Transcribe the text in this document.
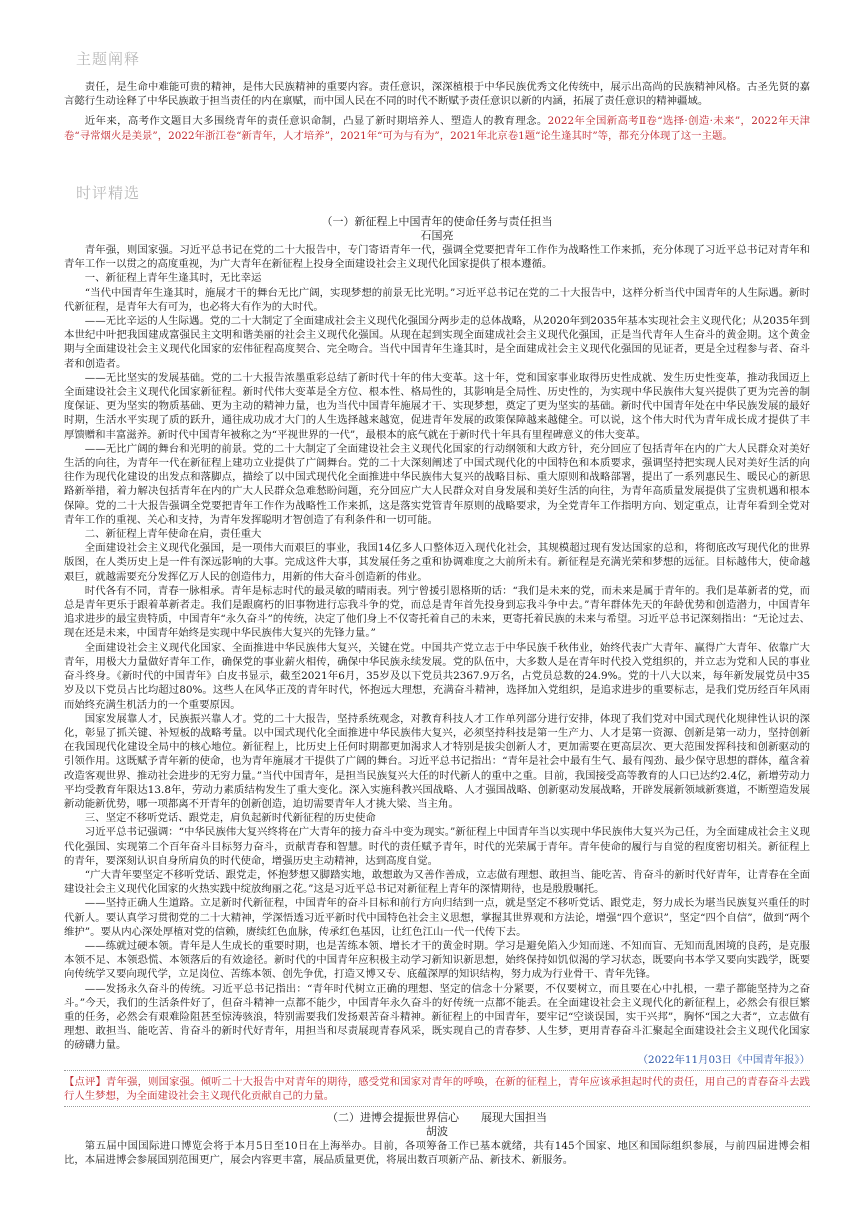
主题阐释

责任，是生命中难能可贵的精神，是伟大民族精神的重要内容。责任意识，深深植根于中华民族优秀文化传统中，展示出高尚的民族精神风格。古圣先贤的嘉言懿行生动诠释了中华民族敢于担当责任的内在禀赋，而中国人民在不同的时代不断赋予责任意识以新的内涵，拓展了责任意识的精神疆域。

近年来，高考作文题目大多围绕青年的责任意识命制，凸显了新时期培养人、塑造人的教育理念。2022年全国新高考Ⅱ卷“选择·创造·未来”，2022年天津卷“寻常烟火是美景”，2022年浙江卷“新青年，人才培养”，2021年“可为与有为”，2021年北京卷1题“论生逢其时”等，都充分体现了这一主题。

时评精选

（一）新征程上中国青年的使命任务与责任担当

石国亮

青年强，则国家强。习近平总书记在党的二十大报告中，专门寄语青年一代，强调全党要把青年工作作为战略性工作来抓，充分体现了习近平总书记对青年和青年工作一以贯之的高度重视，为广大青年在新征程上投身全面建设社会主义现代化国家提供了根本遵循。

一、新征程上青年生逢其时，无比幸运

“当代中国青年生逢其时，施展才干的舞台无比广阔，实现梦想的前景无比光明。”习近平总书记在党的二十大报告中，这样分析当代中国青年的人生际遇。新时代新征程，是青年大有可为，也必将大有作为的大时代。

——无比辛运的人生际遇。党的二十大制定了全面建成社会主义现代化强国分两步走的总体战略，从2020年到2035年基本实现社会主义现代化；从2035年到本世纪中叶把我国建成富强民主文明和谐美丽的社会主义现代化强国。从现在起到实现全面建成社会主义现代化强国，正是当代青年人生奋斗的黄金期。这个黄金期与全面建设社会主义现代化国家的宏伟征程高度契合、完全吻合。当代中国青年生逢其时，是全面建成社会主义现代化强国的见证者，更是全过程参与者、奋斗者和创造者。

——无比坚实的发展基础。党的二十大报告浓墨重彩总结了新时代十年的伟大变革。这十年，党和国家事业取得历史性成就、发生历史性变革，推动我国迈上全面建设社会主义现代化国家新征程。新时代伟大变革是全方位、根本性、格局性的，其影响是全局性、历史性的，为实现中华民族伟大复兴提供了更为完善的制度保证、更为坚实的物质基础、更为主动的精神力量，也为当代中国青年施展才干、实现梦想，奠定了更为坚实的基础。新时代中国青年处在中华民族发展的最好时期，生活水平实现了质的跃升，通往成功成才大门的人生选择越来越宽，促进青年发展的政策保障越来越健全。可以说，这个伟大时代为青年成长成才提供了丰厚馈赠和丰富滋养。新时代中国青年被称之为“平视世界的一代”，最根本的底气就在于新时代十年具有里程碑意义的伟大变革。

——无比广阔的舞台和光明的前景。党的二十大制定了全面建设社会主义现代化国家的行动纲领和大政方针，充分回应了包括青年在内的广大人民群众对美好生活的向往，为青年一代在新征程上建功立业提供了广阔舞台。党的二十大深刻阐述了中国式现代化的中国特色和本质要求，强调坚持把实现人民对美好生活的向往作为现代化建设的出发点和落脚点，描绘了以中国式现代化全面推进中华民族伟大复兴的战略目标、重大原则和战略部署，提出了一系列惠民生、暖民心的新思路新举措，着力解决包括青年在内的广大人民群众急难愁盼问题，充分回应广大人民群众对自身发展和美好生活的向往，为青年高质量发展提供了宝贵机遇和根本保障。党的二十大报告强调全党要把青年工作作为战略性工作来抓，这是落实党管青年原则的战略要求，为全党青年工作指明方向、划定重点，让青年看到全党对青年工作的重视、关心和支持，为青年发挥聪明才智创造了有利条件和一切可能。

二、新征程上青年使命在肩，责任重大

全面建设社会主义现代化强国，是一项伟大而艰巨的事业，我国14亿多人口整体迈入现代化社会，其规模超过现有发达国家的总和，将彻底改写现代化的世界版图，在人类历史上是一件有深远影响的大事。完成这件大事，其发展任务之重和协调难度之大前所未有。新征程是充满光荣和梦想的远征。目标越伟大，使命越艰巨，就越需要充分发挥亿万人民的创造伟力，用新的伟大奋斗创造新的伟业。

时代各有不同，青春一脉相承。青年是标志时代的最灵敏的晴雨表。列宁曾援引恩格斯的话：“我们是未来的党，而未来是属于青年的。我们是革新者的党，而总是青年更乐于跟着革新者走。我们是跟腐朽的旧事物进行忘我斗争的党，而总是青年首先投身到忘我斗争中去。”青年群体先天的年龄优势和创造潜力，中国青年追求进步的最宝贵特质，中国青年“永久奋斗”的传统，决定了他们身上不仅寄托着自己的未来，更寄托着民族的未来与希望。习近平总书记深刻指出：“无论过去、现在还是未来，中国青年始终是实现中华民族伟大复兴的先锋力量。”

全面建设社会主义现代化国家、全面推进中华民族伟大复兴，关键在党。中国共产党立志于中华民族千秋伟业，始终代表广大青年、赢得广大青年、依靠广大青年，用极大力量做好青年工作，确保党的事业薪火相传，确保中华民族永续发展。党的队伍中，大多数人是在青年时代投入党组织的，并立志为党和人民的事业奋斗终身。《新时代的中国青年》白皮书显示，截至2021年6月，35岁及以下党员共2367.9万名，占党员总数的24.9%。党的十八大以来，每年新发展党员中35岁及以下党员占比均超过80%。这些人在风华正茂的青年时代，怀抱远大理想，充满奋斗精神，选择加入党组织，是追求进步的重要标志，是我们党历经百年风雨而始终充满生机活力的一个重要原因。

国家发展靠人才，民族振兴靠人才。党的二十大报告，坚持系统观念，对教育科技人才工作单列部分进行安排，体现了我们党对中国式现代化规律性认识的深化，彰显了抓关键、补短板的战略考量。以中国式现代化全面推进中华民族伟大复兴，必须坚持科技是第一生产力、人才是第一资源、创新是第一动力，坚持创新在我国现代化建设全局中的核心地位。新征程上，比历史上任何时期都更加渴求人才特别是拔尖创新人才，更加需要在更高层次、更大范围发挥科技和创新驱动的引领作用。这既赋予青年新的使命，也为青年施展才干提供了广阔的舞台。习近平总书记指出：“青年是社会中最有生气、最有闯劲、最少保守思想的群体，蕴含着改造客观世界、推动社会进步的无穷力量。”当代中国青年，是担当民族复兴大任的时代新人的重中之重。目前，我国接受高等教育的人口已达约2.4亿，新增劳动力平均受教育年限达13.8年，劳动力素质结构发生了重大变化。深入实施科教兴国战略、人才强国战略、创新驱动发展战略，开辟发展新领域新赛道，不断塑造发展新动能新优势，哪一项都离不开青年的创新创造，迫切需要青年人才挑大梁、当主角。

三、坚定不移听党话、跟党走，肩负起新时代新征程的历史使命

习近平总书记强调：“中华民族伟大复兴终将在广大青年的接力奋斗中变为现实。”新征程上中国青年当以实现中华民族伟大复兴为己任，为全面建成社会主义现代化强国、实现第二个百年奋斗目标努力奋斗，贡献青春和智慧。时代的责任赋予青年，时代的光荣属于青年。青年使命的履行与自觉的程度密切相关。新征程上的青年，要深刻认识自身所肩负的时代使命，增强历史主动精神，达到高度自觉。

“广大青年要坚定不移听党话、跟党走，怀抱梦想又脚踏实地，敢想敢为又善作善成，立志做有理想、敢担当、能吃苦、肯奋斗的新时代好青年，让青春在全面建设社会主义现代化国家的火热实践中绽放绚丽之花。”这是习近平总书记对新征程上青年的深情期待，也是殷殷嘱托。

——坚持正确人生道路。立足新时代新征程，中国青年的奋斗目标和前行方向归结到一点，就是坚定不移听党话、跟党走，努力成长为堪当民族复兴重任的时代新人。要认真学习贯彻党的二十大精神，学深悟透习近平新时代中国特色社会主义思想，掌握其世界观和方法论，增强“四个意识”，坚定“四个自信”，做到“两个维护”。要从内心深处厚植对党的信赖，赓续红色血脉，传承红色基因，让红色江山一代一代传下去。

——练就过硬本领。青年是人生成长的重要时期，也是苦练本领、增长才干的黄金时期。学习是避免陷入少知而迷、不知而盲、无知而乱困境的良药，是克服本领不足、本领恐慌、本领落后的有效途径。新时代的中国青年应积极主动学习新知识新思想，始终保持如饥似渴的学习状态，既要向书本学又要向实践学，既要向传统学又要向现代学，立足岗位、苦练本领、创先争优，打造又博又专、底蕴深厚的知识结构，努力成为行业骨干、青年先锋。

——发扬永久奋斗的传统。习近平总书记指出：“青年时代树立正确的理想、坚定的信念十分紧要，不仅要树立，而且要在心中扎根，一辈子都能坚持为之奋斗。”今天，我们的生活条件好了，但奋斗精神一点都不能少，中国青年永久奋斗的好传统一点都不能丢。在全面建设社会主义现代化的新征程上，必然会有很巨繁重的任务，必然会有艰难险阻甚至惊涛骇浪，特别需要我们发扬艰苦奋斗精神。新征程上的中国青年，要牢记“空谈误国，实干兴邦”，胸怀“国之大者”，立志做有理想、敢担当、能吃苦、肯奋斗的新时代好青年，用担当和尽责展现青春风采，既实现自己的青春梦、人生梦，更用青春奋斗汇聚起全面建设社会主义现代化国家的磅礴力量。

（2022年11月03日《中国青年报》）

【点评】青年强，则国家强。倾听二十大报告中对青年的期待，感受党和国家对青年的呼唤，在新的征程上，青年应该承担起时代的责任，用自己的青春奋斗去践行人生梦想，为全面建设社会主义现代化贡献自己的力量。

（二）进博会提振世界信心　　展现大国担当

胡波

第五届中国国际进口博览会将于本月5日至10日在上海举办。目前，各项筹备工作已基本就绪，共有145个国家、地区和国际组织参展，与前四届进博会相比，本届进博会参展国别范围更广，展会内容更丰富，展品质量更优，将展出数百项新产品、新技术、新服务。
